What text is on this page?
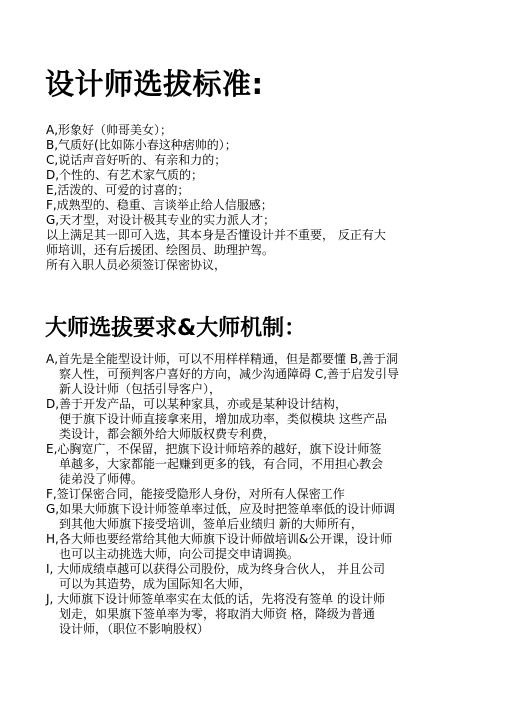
设计师选拔标准:
A,形象好（帅哥美女）；
B,气质好(比如陈小春这种痞帅的）；
C,说话声音好听的、有亲和力的；
D,个性的、有艺术家气质的；
E,活泼的、可爱的讨喜的；
F,成熟型的、稳重、言谈举止给人信服感；
G,天才型，对设计极其专业的实力派人才；
以上满足其一即可入选，其本身是否懂设计并不重要， 反正有大
师培训，还有后援团、绘图员、助理护驾。
所有入职人员必须签订保密协议，
大师选拔要求&大师机制：
A,首先是全能型设计师，可以不用样样精通，但是都要懂 B,善于洞
察人性，可预判客户喜好的方向，减少沟通障碍 C,善于启发引导
新人设计师（包括引导客户），
D,善于开发产品，可以某种家具，亦或是某种设计结构，
便于旗下设计师直接拿来用，增加成功率，类似模块 这些产品
类设计，都会额外给大师版权费专利费，
E,心胸宽广，不保留，把旗下设计师培养的越好，旗下设计师签
单越多，大家都能一起赚到更多的钱，有合同，不用担心教会
徒弟没了师傅。
F,签订保密合同，能接受隐形人身份，对所有人保密工作
G,如果大师旗下设计师签单率过低，应及时把签单率低的设计师调
到其他大师旗下接受培训，签单后业绩归 新的大师所有，
H,各大师也要经常给其他大师旗下设计师做培训&公开课，设计师
也可以主动挑选大师，向公司提交申请调换。
I, 大师成绩卓越可以获得公司股份，成为终身合伙人， 并且公司
可以为其造势，成为国际知名大师，
J, 大师旗下设计师签单率实在太低的话，先将没有签单 的设计师
划走，如果旗下签单率为零，将取消大师资 格，降级为普通
设计师，（职位不影响股权）
